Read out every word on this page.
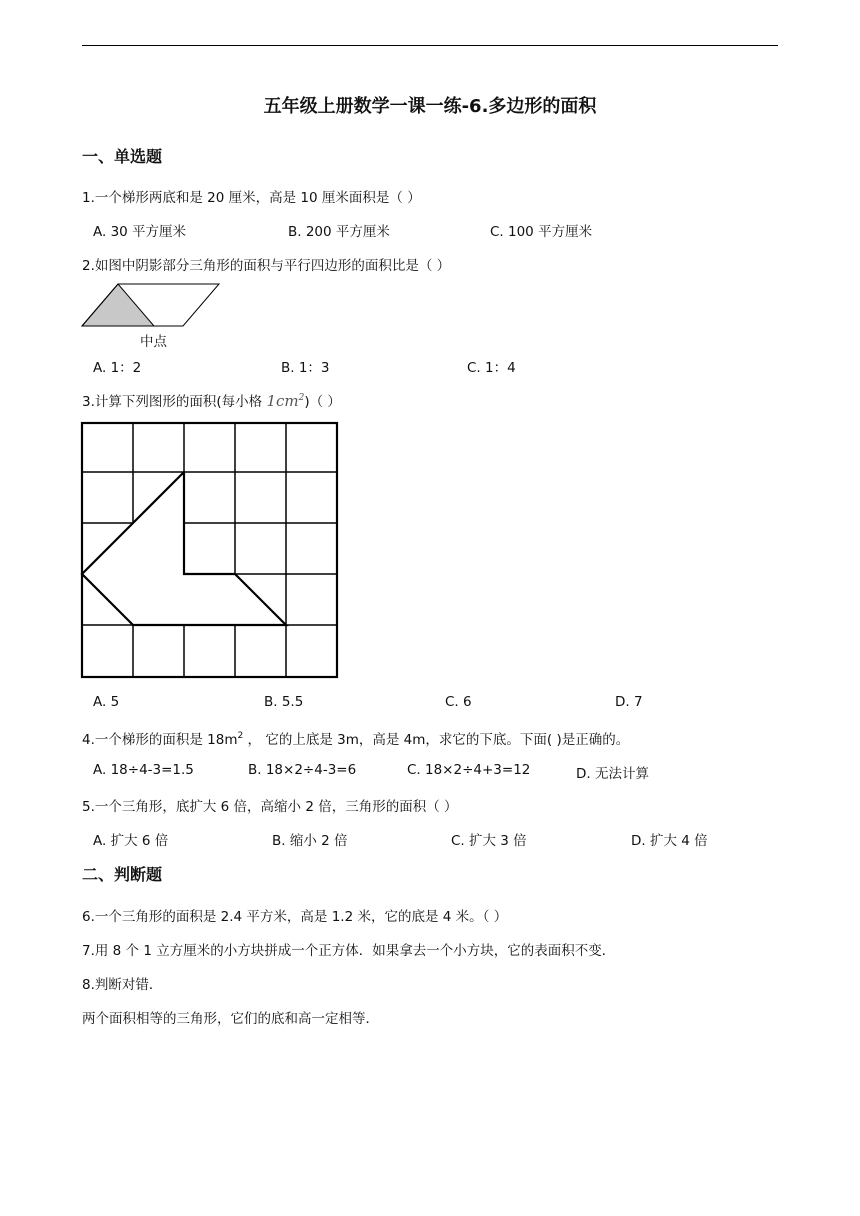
五年级上册数学一课一练-6.多边形的面积
一、单选题
1.一个梯形两底和是 20 厘米，高是 10 厘米面积是（ ）
A. 30 平方厘米	B. 200 平方厘米	C. 100 平方厘米
2.如图中阴影部分三角形的面积与平行四边形的面积比是（ ）
中点
A. 1：2	B. 1：3	C. 1：4
3.计算下列图形的面积(每小格 $1cm^2$)（ ）
A. 5	B. 5.5	C. 6	D. 7
4.一个梯形的面积是 $18m^2$ ， 它的上底是 3m，高是 4m，求它的下底。下面( )是正确的。
A. 18÷4-3=1.5	B. 18×2÷4-3=6	C. 18×2÷4+3=12	D. 无法计算
5.一个三角形，底扩大 6 倍，高缩小 2 倍，三角形的面积（ ）
A. 扩大 6 倍	B. 缩小 2 倍	C. 扩大 3 倍	D. 扩大 4 倍
二、判断题
6.一个三角形的面积是 2.4 平方米，高是 1.2 米，它的底是 4 米。（ ）
7.用 8 个 1 立方厘米的小方块拼成一个正方体．如果拿去一个小方块，它的表面积不变．
8.判断对错．
两个面积相等的三角形，它们的底和高一定相等．
